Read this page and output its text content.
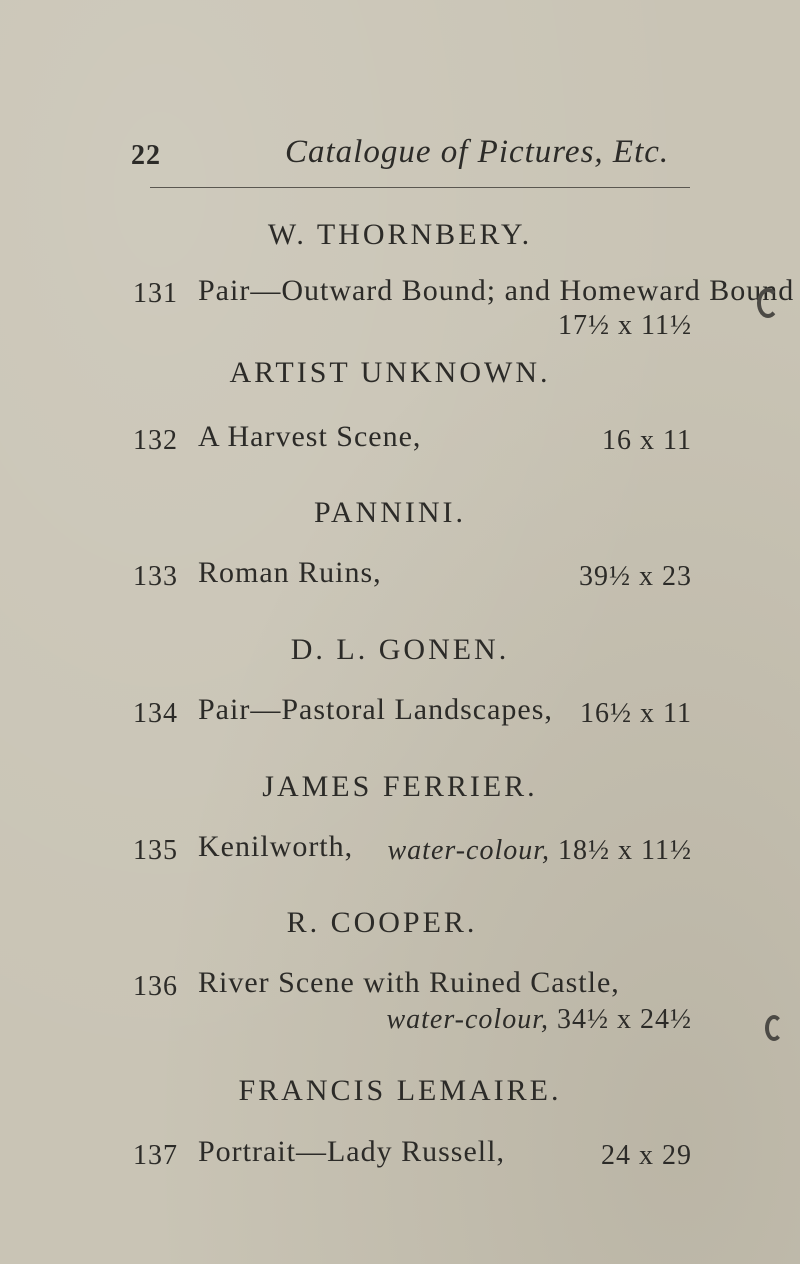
22	Catalogue of Pictures, Etc.
W. THORNBERY.
131 Pair—Outward Bound; and Homeward Bound
17½ x 11½
ARTIST UNKNOWN.
132 A Harvest Scene,	16 x 11
PANNINI.
133 Roman Ruins,	39½ x 23
D. L. GONEN.
134 Pair—Pastoral Landscapes, 16½ x 11
JAMES FERRIER.
135 Kenilworth, water-colour, 18½ x 11½
R. COOPER.
136 River Scene with Ruined Castle,
water-colour, 34½ x 24½
FRANCIS LEMAIRE.
137 Portrait—Lady Russell,	24 x 29
